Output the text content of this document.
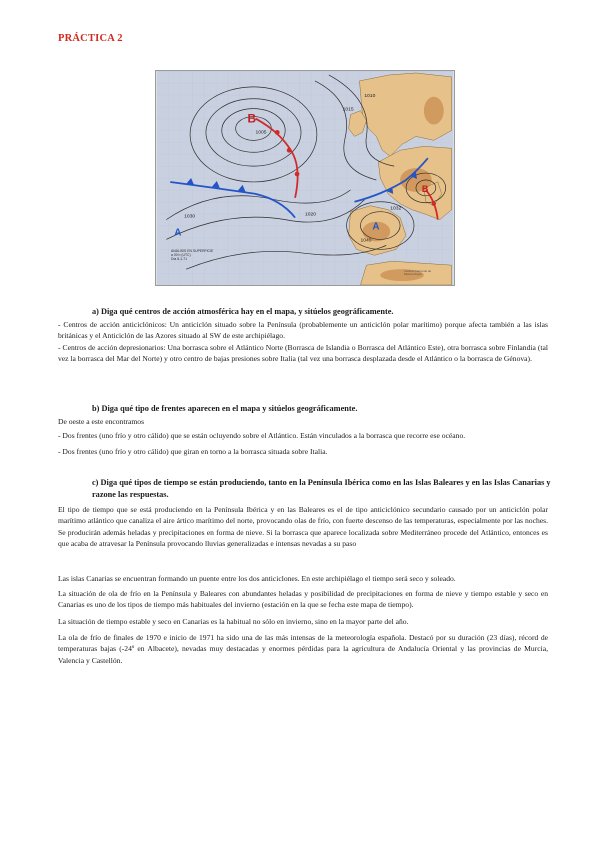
PRÁCTICA 2
B
B
A
A
1005
1030	1020
1015
1010
1040
1032
ANÁLISIS EN SUPERFICIE
a 00 h (UTC)
Día 8-1-71
Instituto Nacional de Meteorología

a) Diga qué centros de acción atmosférica hay en el mapa, y sitúelos geográficamente.

- Centros de acción anticiclónicos: Un anticiclón situado sobre la Península (probablemente un anticiclón polar marítimo) porque afecta también a las islas británicas y el Anticiclón de las Azores situado al SW de este archipiélago.

- Centros de acción depresionarios: Una borrasca sobre el Atlántico Norte (Borrasca de Islandia o Borrasca del Atlántico Este), otra borrasca sobre Finlandia (tal vez la borrasca del Mar del Norte) y otro centro de bajas presiones sobre Italia (tal vez una borrasca desplazada desde el Atlántico o la borrasca de Génova).

b) Diga qué tipo de frentes aparecen en el mapa y sitúelos geográficamente.

De oeste a este encontramos

- Dos frentes (uno frío y otro cálido) que se están ocluyendo sobre el Atlántico. Están vinculados a la borrasca que recorre ese océano.

- Dos frentes (uno frío y otro cálido) que giran en torno a la borrasca situada sobre Italia.

c) Diga qué tipos de tiempo se están produciendo, tanto en la Península Ibérica como en las Islas Baleares y en las Islas Canarias y razone las respuestas.

El tipo de tiempo que se está produciendo en la Península Ibérica y en las Baleares es el de tipo anticiclónico secundario causado por un anticiclón polar marítimo atlántico que canaliza el aire ártico marítimo del norte, provocando olas de frío, con fuerte descenso de las temperaturas, especialmente por las noches. Se producirán además heladas y precipitaciones en forma de nieve. Si la borrasca que aparece localizada sobre Mediterráneo procede del Atlántico, entonces es que acaba de atravesar la Península provocando lluvias generalizadas e intensas nevadas a su paso

Las islas Canarias se encuentran formando un puente entre los dos anticiclones. En este archipiélago el tiempo será seco y soleado.

La situación de ola de frío en la Península y Baleares con abundantes heladas y posibilidad de precipitaciones en forma de nieve y tiempo estable y seco en Canarias es uno de los tipos de tiempo más habituales del invierno (estación en la que se fecha este mapa de tiempo).

La situación de tiempo estable y seco en Canarias es la habitual no sólo en invierno, sino en la mayor parte del año.

La ola de frío de finales de 1970 e inicio de 1971 ha sido una de las más intensas de la meteorología española. Destacó por su duración (23 días), récord de temperaturas bajas (-24º en Albacete), nevadas muy destacadas y enormes pérdidas para la agricultura de Andalucía Oriental y las provincias de Murcia, Valencia y Castellón.
